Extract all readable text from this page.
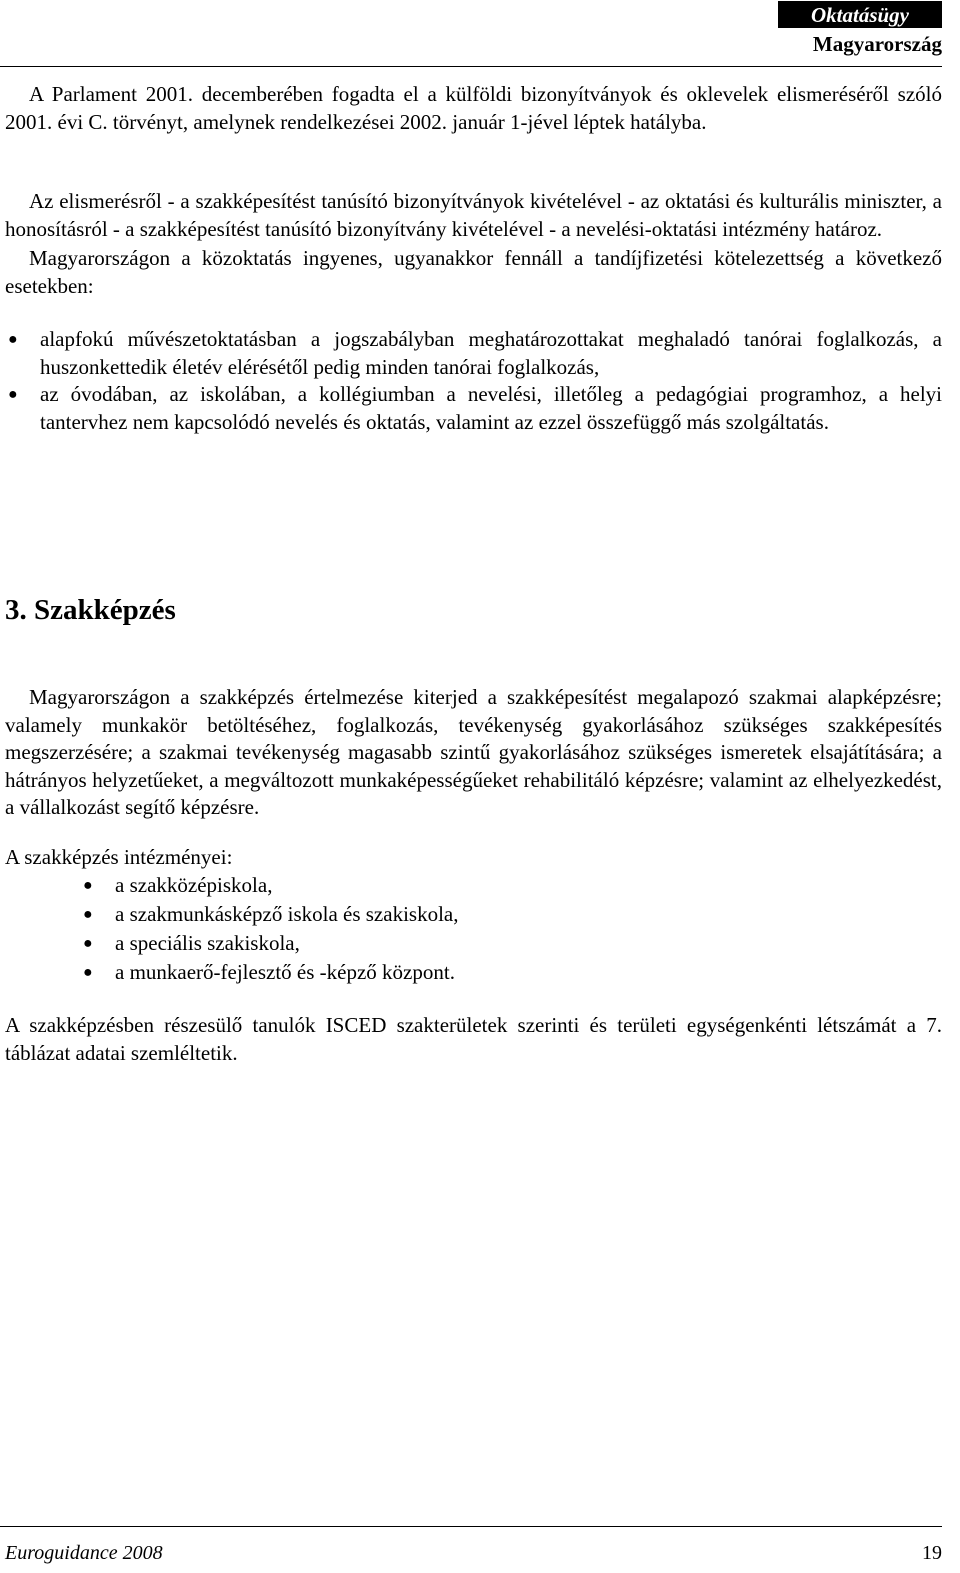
Oktatásügy
Magyarország

A Parlament 2001. decemberében fogadta el a külföldi bizonyítványok és oklevelek elismeréséről szóló 2001. évi C. törvényt, amelynek rendelkezései 2002. január 1-jével léptek hatályba.

Az elismerésről - a szakképesítést tanúsító bizonyítványok kivételével - az oktatási és kulturális miniszter, a honosításról - a szakképesítést tanúsító bizonyítvány kivételével - a nevelési-oktatási intézmény határoz.

Magyarországon a közoktatás ingyenes, ugyanakkor fennáll a tandíjfizetési kötelezettség a következő esetekben:

● alapfokú művészetoktatásban a jogszabályban meghatározottakat meghaladó tanórai foglalkozás, a huszonkettedik életév elérésétől pedig minden tanórai foglalkozás,
● az óvodában, az iskolában, a kollégiumban a nevelési, illetőleg a pedagógiai programhoz, a helyi tantervhez nem kapcsolódó nevelés és oktatás, valamint az ezzel összefüggő más szolgáltatás.
3. Szakképzés

Magyarországon a szakképzés értelmezése kiterjed a szakképesítést megalapozó szakmai alapképzésre; valamely munkakör betöltéséhez, foglalkozás, tevékenység gyakorlásához szükséges szakképesítés megszerzésére; a szakmai tevékenység magasabb szintű gyakorlásához szükséges ismeretek elsajátítására; a hátrányos helyzetűeket, a megváltozott munkaképességűeket rehabilitáló képzésre; valamint az elhelyezkedést, a vállalkozást segítő képzésre.

A szakképzés intézményei:

● a szakközépiskola,
● a szakmunkásképző iskola és szakiskola,
● a speciális szakiskola,
● a munkaerő-fejlesztő és -képző központ.

A szakképzésben részesülő tanulók ISCED szakterületek szerinti és területi egységenkénti létszámát a 7. táblázat adatai szemléltetik.

Euroguidance 2008	19
